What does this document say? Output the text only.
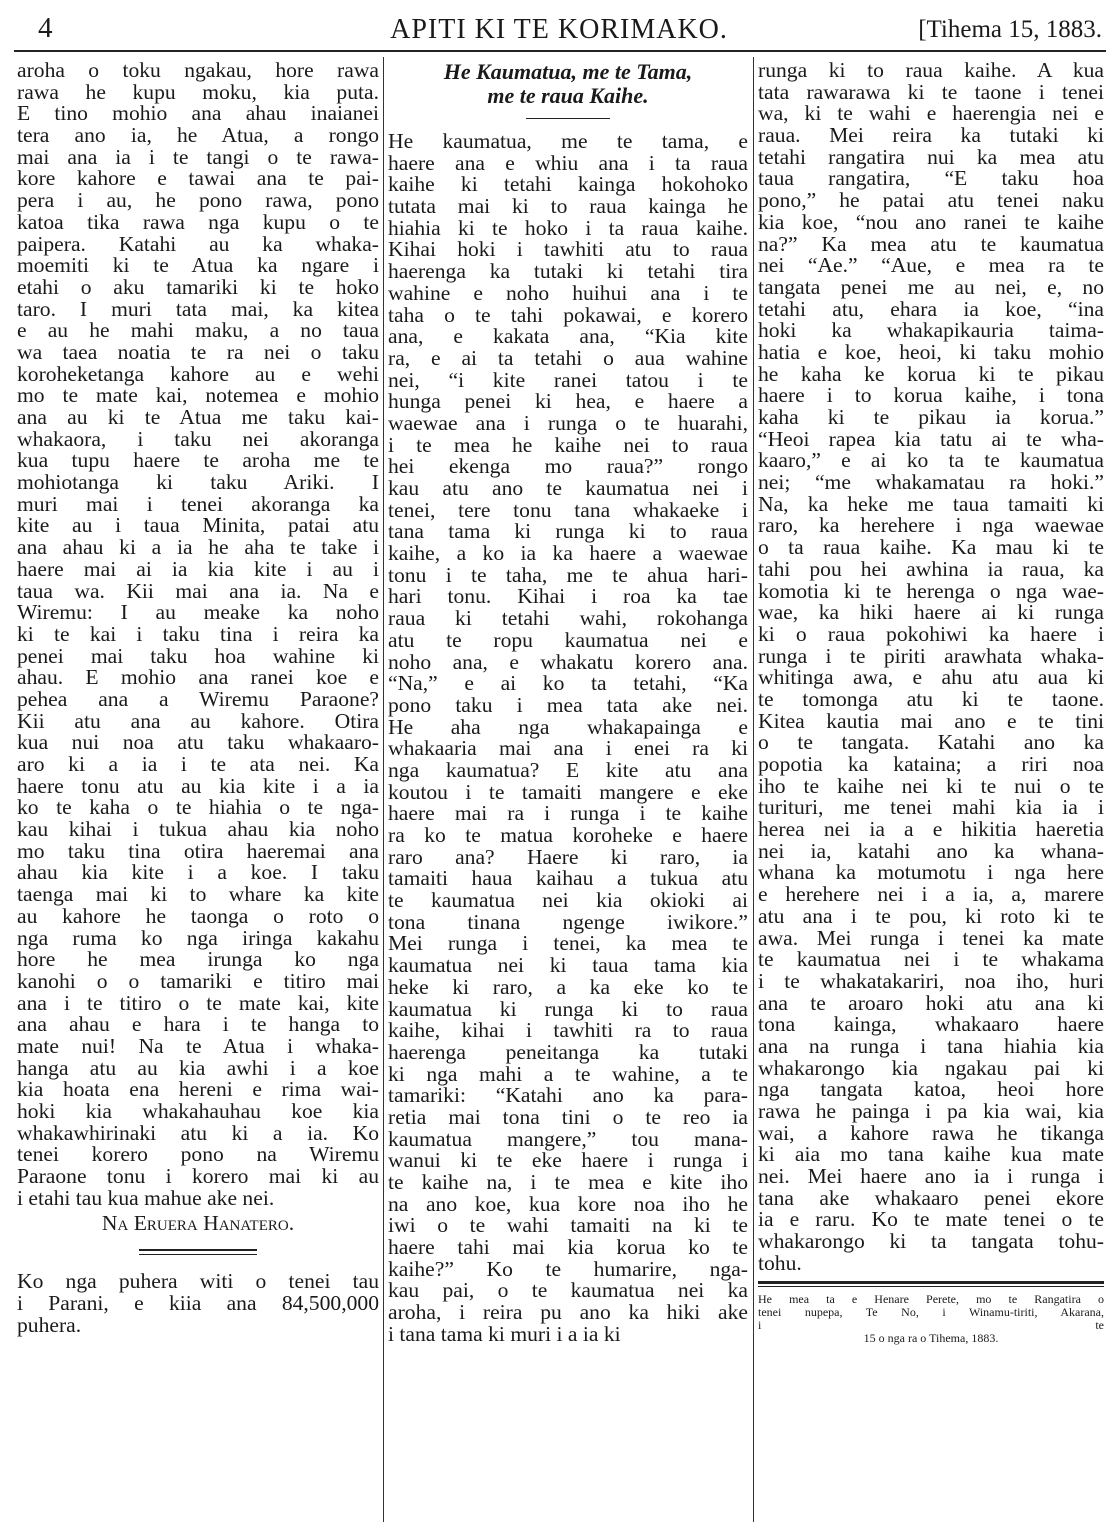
4	APITI KI TE KORIMAKO.	[Tihema 15, 1883.
aroha o toku ngakau, hore rawa
rawa he kupu moku, kia puta.
E tino mohio ana ahau inaianei
tera ano ia, he Atua, a rongo
mai ana ia i te tangi o te rawa-
kore kahore e tawai ana te pai-
pera i au, he pono rawa, pono
katoa tika rawa nga kupu o te
paipera. Katahi au ka whaka-
moemiti ki te Atua ka ngare i
etahi o aku tamariki ki te hoko
taro. I muri tata mai, ka kitea
e au he mahi maku, a no taua
wa taea noatia te ra nei o taku
koroheketanga kahore au e wehi
mo te mate kai, notemea e mohio
ana au ki te Atua me taku kai-
whakaora, i taku nei akoranga
kua tupu haere te aroha me te
mohiotanga ki taku Ariki. I
muri mai i tenei akoranga ka
kite au i taua Minita, patai atu
ana ahau ki a ia he aha te take i
haere mai ai ia kia kite i au i
taua wa. Kii mai ana ia. Na e
Wiremu: I au meake ka noho
ki te kai i taku tina i reira ka
penei mai taku hoa wahine ki
ahau. E mohio ana ranei koe e
pehea ana a Wiremu Paraone?
Kii atu ana au kahore. Otira
kua nui noa atu taku whakaaro-
aro ki a ia i te ata nei. Ka
haere tonu atu au kia kite i a ia
ko te kaha o te hiahia o te nga-
kau kihai i tukua ahau kia noho
mo taku tina otira haeremai ana
ahau kia kite i a koe. I taku
taenga mai ki to whare ka kite
au kahore he taonga o roto o
nga ruma ko nga iringa kakahu
hore he mea irunga ko nga
kanohi o o tamariki e titiro mai
ana i te titiro o te mate kai, kite
ana ahau e hara i te hanga to
mate nui! Na te Atua i whaka-
hanga atu au kia awhi i a koe
kia hoata ena hereni e rima wai-
hoki kia whakahauhau koe kia
whakawhirinaki atu ki a ia. Ko
tenei korero pono na Wiremu
Paraone tonu i korero mai ki au
i etahi tau kua mahue ake nei.
Na Eruera Hanatero.
Ko nga puhera witi o tenei tau
i Parani, e kiia ana 84,500,000
puhera.
He Kaumatua, me te Tama,
me te raua Kaihe.
He kaumatua, me te tama, e
haere ana e whiu ana i ta raua
kaihe ki tetahi kainga hokohoko
tutata mai ki to raua kainga he
hiahia ki te hoko i ta raua kaihe.
Kihai hoki i tawhiti atu to raua
haerenga ka tutaki ki tetahi tira
wahine e noho huihui ana i te
taha o te tahi pokawai, e korero
ana, e kakata ana, “Kia kite
ra, e ai ta tetahi o aua wahine
nei, “i kite ranei tatou i te
hunga penei ki hea, e haere a
waewae ana i runga o te huarahi,
i te mea he kaihe nei to raua
hei ekenga mo raua?” rongo
kau atu ano te kaumatua nei i
tenei, tere tonu tana whakaeke i
tana tama ki runga ki to raua
kaihe, a ko ia ka haere a waewae
tonu i te taha, me te ahua hari-
hari tonu. Kihai i roa ka tae
raua ki tetahi wahi, rokohanga
atu te ropu kaumatua nei e
noho ana, e whakatu korero ana.
“Na,” e ai ko ta tetahi, “Ka
pono taku i mea tata ake nei.
He aha nga whakapainga e
whakaaria mai ana i enei ra ki
nga kaumatua? E kite atu ana
koutou i te tamaiti mangere e eke
haere mai ra i runga i te kaihe
ra ko te matua koroheke e haere
raro ana? Haere ki raro, ia
tamaiti haua kaihau a tukua atu
te kaumatua nei kia okioki ai
tona tinana ngenge iwikore.”
Mei runga i tenei, ka mea te
kaumatua nei ki taua tama kia
heke ki raro, a ka eke ko te
kaumatua ki runga ki to raua
kaihe, kihai i tawhiti ra to raua
haerenga peneitanga ka tutaki
ki nga mahi a te wahine, a te
tamariki: “Katahi ano ka para-
retia mai tona tini o te reo ia
kaumatua mangere,” tou mana-
wanui ki te eke haere i runga i
te kaihe na, i te mea e kite iho
na ano koe, kua kore noa iho he
iwi o te wahi tamaiti na ki te
haere tahi mai kia korua ko te
kaihe?” Ko te humarire, nga-
kau pai, o te kaumatua nei ka
aroha, i reira pu ano ka hiki ake
i tana tama ki muri i a ia ki
runga ki to raua kaihe. A kua
tata rawarawa ki te taone i tenei
wa, ki te wahi e haerengia nei e
raua. Mei reira ka tutaki ki
tetahi rangatira nui ka mea atu
taua rangatira, “E taku hoa
pono,” he patai atu tenei naku
kia koe, “nou ano ranei te kaihe
na?” Ka mea atu te kaumatua
nei “Ae.” “Aue, e mea ra te
tangata penei me au nei, e, no
tetahi atu, ehara ia koe, “ina
hoki ka whakapikauria taima-
hatia e koe, heoi, ki taku mohio
he kaha ke korua ki te pikau
haere i to korua kaihe, i tona
kaha ki te pikau ia korua.”
“Heoi rapea kia tatu ai te wha-
kaaro,” e ai ko ta te kaumatua
nei; “me whakamatau ra hoki.”
Na, ka heke me taua tamaiti ki
raro, ka herehere i nga waewae
o ta raua kaihe. Ka mau ki te
tahi pou hei awhina ia raua, ka
komotia ki te herenga o nga wae-
wae, ka hiki haere ai ki runga
ki o raua pokohiwi ka haere i
runga i te piriti arawhata whaka-
whitinga awa, e ahu atu aua ki
te tomonga atu ki te taone.
Kitea kautia mai ano e te tini
o te tangata. Katahi ano ka
popotia ka kataina; a riri noa
iho te kaihe nei ki te nui o te
turituri, me tenei mahi kia ia i
herea nei ia a e hikitia haeretia
nei ia, katahi ano ka whana-
whana ka motumotu i nga here
e herehere nei i a ia, a, marere
atu ana i te pou, ki roto ki te
awa. Mei runga i tenei ka mate
te kaumatua nei i te whakama
i te whakatakariri, noa iho, huri
ana te aroaro hoki atu ana ki
tona kainga, whakaaro haere
ana na runga i tana hiahia kia
whakarongo kia ngakau pai ki
nga tangata katoa, heoi hore
rawa he painga i pa kia wai, kia
wai, a kahore rawa he tikanga
ki aia mo tana kaihe kua mate
nei. Mei haere ano ia i runga i
tana ake whakaaro penei ekore
ia e raru. Ko te mate tenei o te
whakarongo ki ta tangata tohu-
tohu.
He mea ta e Henare Perete, mo te Rangatira o
tenei nupepa, Te No, i Winamu-tiriti, Akarana,
i te
15 o nga ra o Tihema, 1883.
